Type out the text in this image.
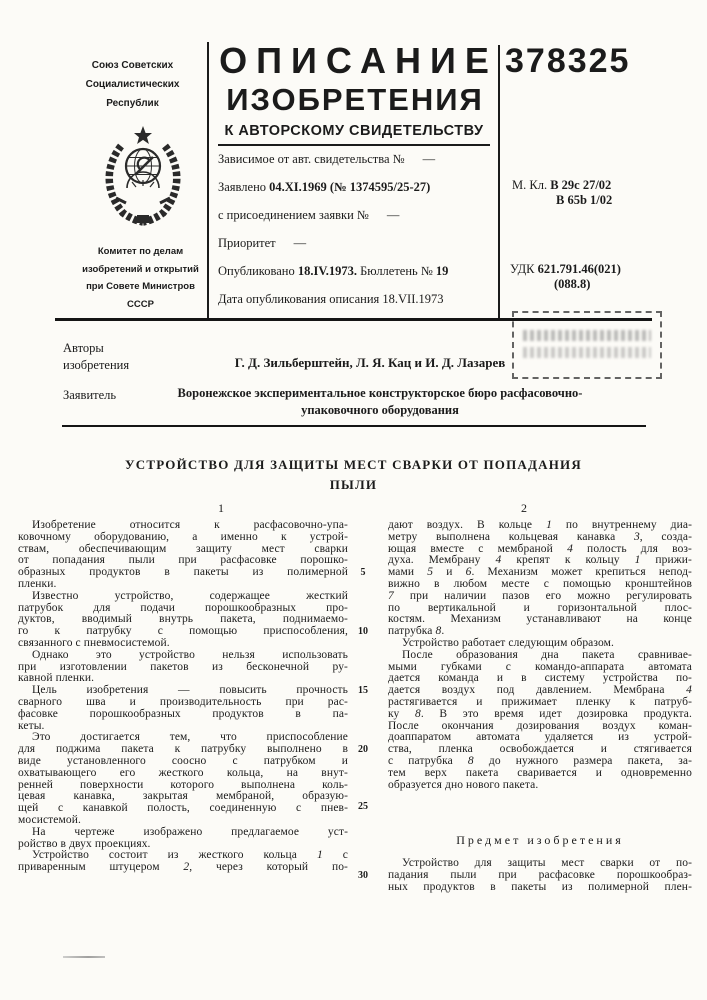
Союз Советских
Социалистических
Республик
Комитет по делам
изобретений и открытий
при Совете Министров
СССР
ОПИСАНИЕ
ИЗОБРЕТЕНИЯ
К АВТОРСКОМУ СВИДЕТЕЛЬСТВУ
378325
Зависимое от авт. свидетельства № —
Заявлено 04.XI.1969 (№ 1374595/25-27)
с присоединением заявки № —
Приоритет —
Опубликовано 18.IV.1973. Бюллетень № 19
Дата опубликования описания 18.VII.1973
М. Кл. В 29с 27/02
В 65b 1/02
УДК 621.791.46(021)
(088.8)
Авторы
изобретения	Г. Д. Зильберштейн, Л. Я. Кац и И. Д. Лазарев
Заявитель	Воронежское экспериментальное конструкторское бюро расфасовочно-
упаковочного оборудования
УСТРОЙСТВО ДЛЯ ЗАЩИТЫ МЕСТ СВАРКИ ОТ ПОПАДАНИЯ
ПЫЛИ
1	2
Изобретение относится к расфасовочно-упа-
ковочному оборудованию, а именно к устрой-
ствам, обеспечивающим защиту мест сварки
от попадания пыли при расфасовке порошко-
образных продуктов в пакеты из полимерной
пленки.
Известно устройство, содержащее жесткий
патрубок для подачи порошкообразных про-
дуктов, вводимый внутрь пакета, поднимаемо-
го к патрубку с помощью приспособления,
связанного с пневмосистемой.
Однако это устройство нельзя использовать
при изготовлении пакетов из бесконечной ру-
кавной пленки.
Цель изобретения — повысить прочность
сварного шва и производительность при рас-
фасовке порошкообразных продуктов в па-
кеты.
Это достигается тем, что приспособление
для поджима пакета к патрубку выполнено в
виде установленного соосно с патрубком и
охватывающего его жесткого кольца, на внут-
ренней поверхности которого выполнена коль-
цевая канавка, закрытая мембраной, образую-
щей с канавкой полость, соединенную с пнев-
мосистемой.
На чертеже изображено предлагаемое уст-
ройство в двух проекциях.
Устройство состоит из жесткого кольца 1 с
приваренным штуцером 2, через который по-
5
10
15
20
25
30
дают воздух. В кольце 1 по внутреннему диа-
метру выполнена кольцевая канавка 3, созда-
ющая вместе с мембраной 4 полость для воз-
духа. Мембрану 4 крепят к кольцу 1 прижи-
мами 5 и 6. Механизм может крепиться непод-
вижно в любом месте с помощью кронштейнов
7 при наличии пазов его можно регулировать
по вертикальной и горизонтальной плос-
костям. Механизм устанавливают на конце
патрубка 8.
Устройство работает следующим образом.
После образования дна пакета сравнивае-
мыми губками с командо-аппарата автомата
дается команда и в систему устройства по-
дается воздух под давлением. Мембрана 4
растягивается и прижимает пленку к патруб-
ку 8. В это время идет дозировка продукта.
После окончания дозирования воздух коман-
доаппаратом автомата удаляется из устрой-
ства, пленка освобождается и стягивается
с патрубка 8 до нужного размера пакета, за-
тем верх пакета сваривается и одновременно
образуется дно нового пакета.
Предмет изобретения
Устройство для защиты мест сварки от по-
падания пыли при расфасовке порошкообраз-
ных продуктов в пакеты из полимерной плен-
